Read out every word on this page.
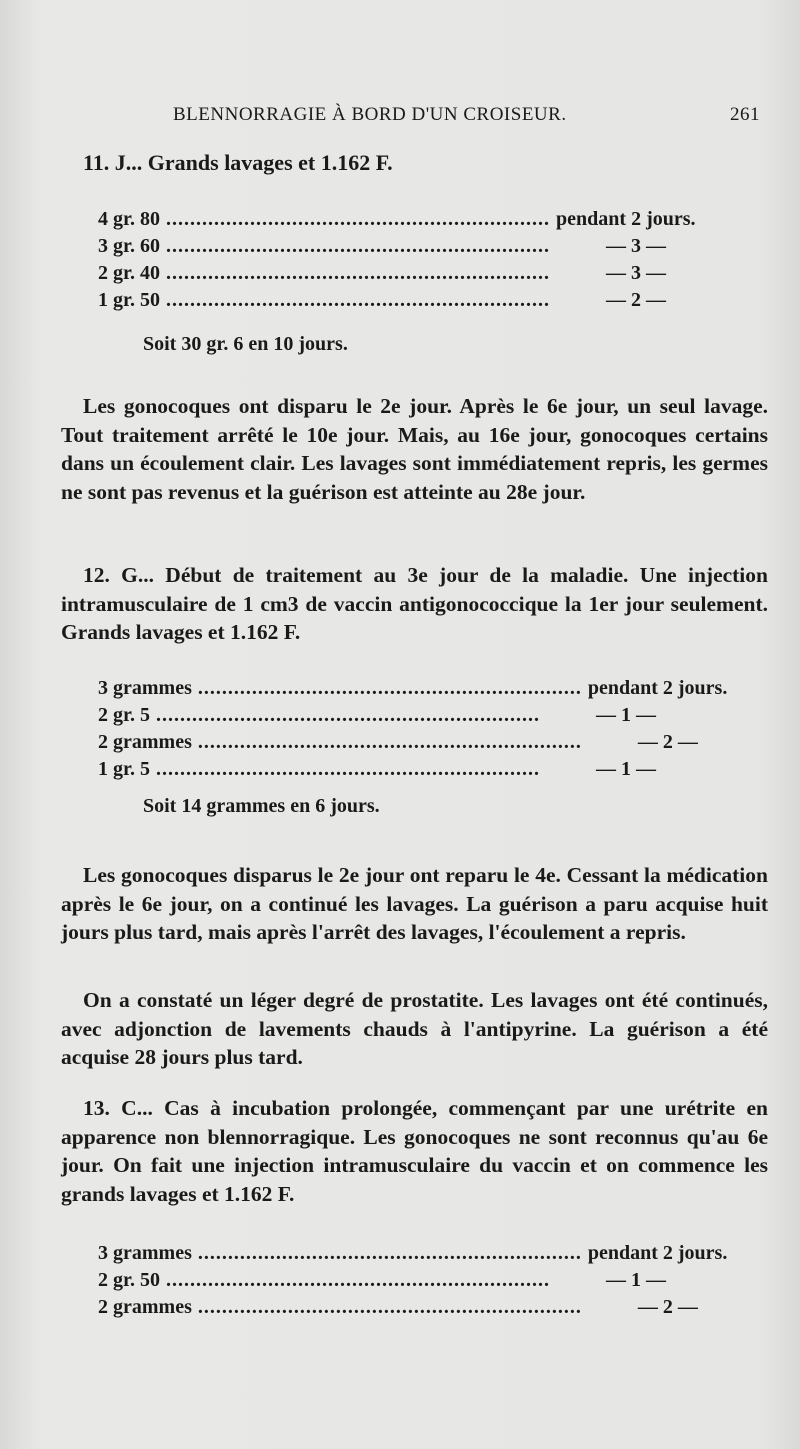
BLENNORRAGIE À BORD D'UN CROISEUR.	261
11. J... Grands lavages et 1.162 F.
4 gr. 80 ................................................................ pendant 2 jours.
3 gr. 60 ................................................................	— 3 —
2 gr. 40 ................................................................	— 3 —
1 gr. 50 ................................................................	— 2 —
Soit 30 gr. 6 en 10 jours.

Les gonocoques ont disparu le 2e jour. Après le 6e jour, un seul lavage. Tout traitement arrêté le 10e jour. Mais, au 16e jour, gonocoques certains dans un écoulement clair. Les lavages sont immédiatement repris, les germes ne sont pas revenus et la guérison est atteinte au 28e jour.

12. G... Début de traitement au 3e jour de la maladie. Une injection intramusculaire de 1 cm3 de vaccin antigonococcique la 1er jour seulement. Grands lavages et 1.162 F.

3 grammes ................................................................ pendant 2 jours.
2 gr. 5 ................................................................	— 1 —
2 grammes ................................................................	— 2 —
1 gr. 5 ................................................................	— 1 —
Soit 14 grammes en 6 jours.

Les gonocoques disparus le 2e jour ont reparu le 4e. Cessant la médication après le 6e jour, on a continué les lavages. La guérison a paru acquise huit jours plus tard, mais après l'arrêt des lavages, l'écoulement a repris.

On a constaté un léger degré de prostatite. Les lavages ont été continués, avec adjonction de lavements chauds à l'antipyrine. La guérison a été acquise 28 jours plus tard.

13. C... Cas à incubation prolongée, commençant par une urétrite en apparence non blennorragique. Les gonocoques ne sont reconnus qu'au 6e jour. On fait une injection intramusculaire du vaccin et on commence les grands lavages et 1.162 F.

3 grammes ................................................................ pendant 2 jours.
2 gr. 50 ................................................................	— 1 —
2 grammes ................................................................	— 2 —
